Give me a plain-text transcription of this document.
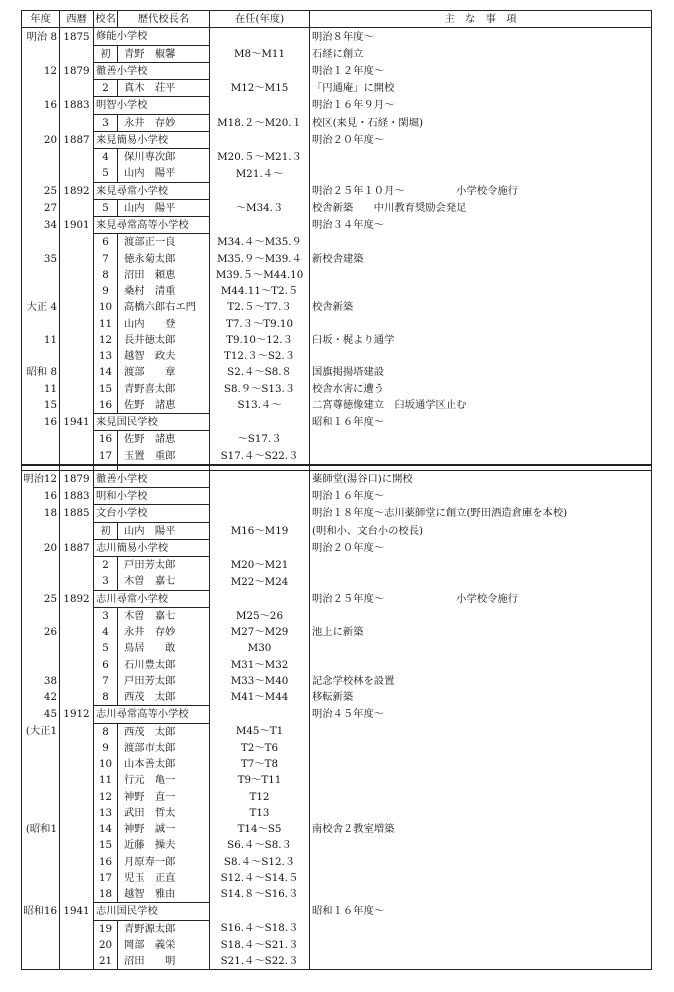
年度	西暦	校名	歴代校長名	在任(年度)	主　な　事　項
明治 8	1875	修能小学校			明治８年度～
		初	青野　椒馨	M8～M11	石経に創立
12	1879	徹善小学校			明治１２年度～
		2	真木　荘平	M12～M15	「円通庵」に開校
16	1883	明智小学校			明治１６年９月～
		3	永井　存妙	M18.２～M20.１	校区(来見・石経・閑堀)
20	1887	来見簡易小学校			明治２０年度～
		4	保川専次郎	M20.５～M21.３	
		5	山内　陽平	M21.４～	
25	1892	来見尋常小学校			明治２５年１０月～　　　　　小学校令施行
27		5	山内　陽平	～M34.３	校舎新築　　中川教育奨励会発足
34	1901	来見尋常高等小学校			明治３４年度～
		6	渡部正一良	M34.４～M35.９	
35		7	徳永菊太郎	M35.９～M39.４	新校舎建築
		8	沼田　頼恵	M39.５～M44.10	
		9	桑村　清重	M44.11～T2.５	
大正 4		10	高橋六郎右エ門	T2.５～T7.３	校舎新築
		11	山内　　登	T7.３～T9.10	
11		12	長井徳太郎	T9.10～12.３	臼坂・梶より通学
		13	越智　政夫	T12.３～S2.３	
昭和 8		14	渡部　　章	S2.４～S8.８	国旗掲揚塔建設
11		15	青野喜太郎	S8.９～S13.３	校舎水害に遭う
15		16	佐野　諸恵	S13.４～	二宮尊徳像建立　臼坂通学区止む
16	1941	来見国民学校			昭和１６年度～
		16	佐野　諸恵	～S17.３	
		17	玉置　重郎	S17.４～S22.３	

明治12	1879	徹善小学校			薬師堂(湯谷口)に開校
16	1883	明和小学校			明治１６年度～
18	1885	文台小学校			明治１８年度～志川薬師堂に創立(野田酒造倉庫を本校)
		初	山内　陽平	M16～M19	(明和小、文台小の校長)
20	1887	志川簡易小学校			明治２０年度～
		2	戸田芳太郎	M20～M21	
		3	木曽　嘉七	M22～M24	
25	1892	志川尋常小学校			明治２５年度～　　　　　　　小学校令施行
		3	木曽　嘉七	M25～26	
26		4	永井　存妙	M27～M29	池上に新築
		5	鳥居　　敢	M30	
		6	石川豊太郎	M31～M32	
38		7	戸田芳太郎	M33～M40	記念学校林を設置
42		8	西茂　太郎	M41～M44	移転新築
45	1912	志川尋常高等小学校			明治４５年度～
(大正1		8	西茂　太郎	M45～T1	
		9	渡部市太郎	T2～T6	
		10	山本善太郎	T7～T8	
		11	行元　亀一	T9～T11	
		12	神野　直一	T12	
		13	武田　哲太	T13	
(昭和1		14	神野　誠一	T14～S5	南校舎２教室増築
		15	近藤　操夫	S6.４～S8.３	
		16	月原寿一郎	S8.４～S12.３	
		17	児玉　正直	S12.４～S14.５	
		18	越智　雅由	S14.８～S16.３	
昭和16	1941	志川国民学校			昭和１６年度～
		19	青野源太郎	S16.４～S18.３	
		20	岡部　義栄	S18.４～S21.３	
		21	沼田　　明	S21.４～S22.３	
